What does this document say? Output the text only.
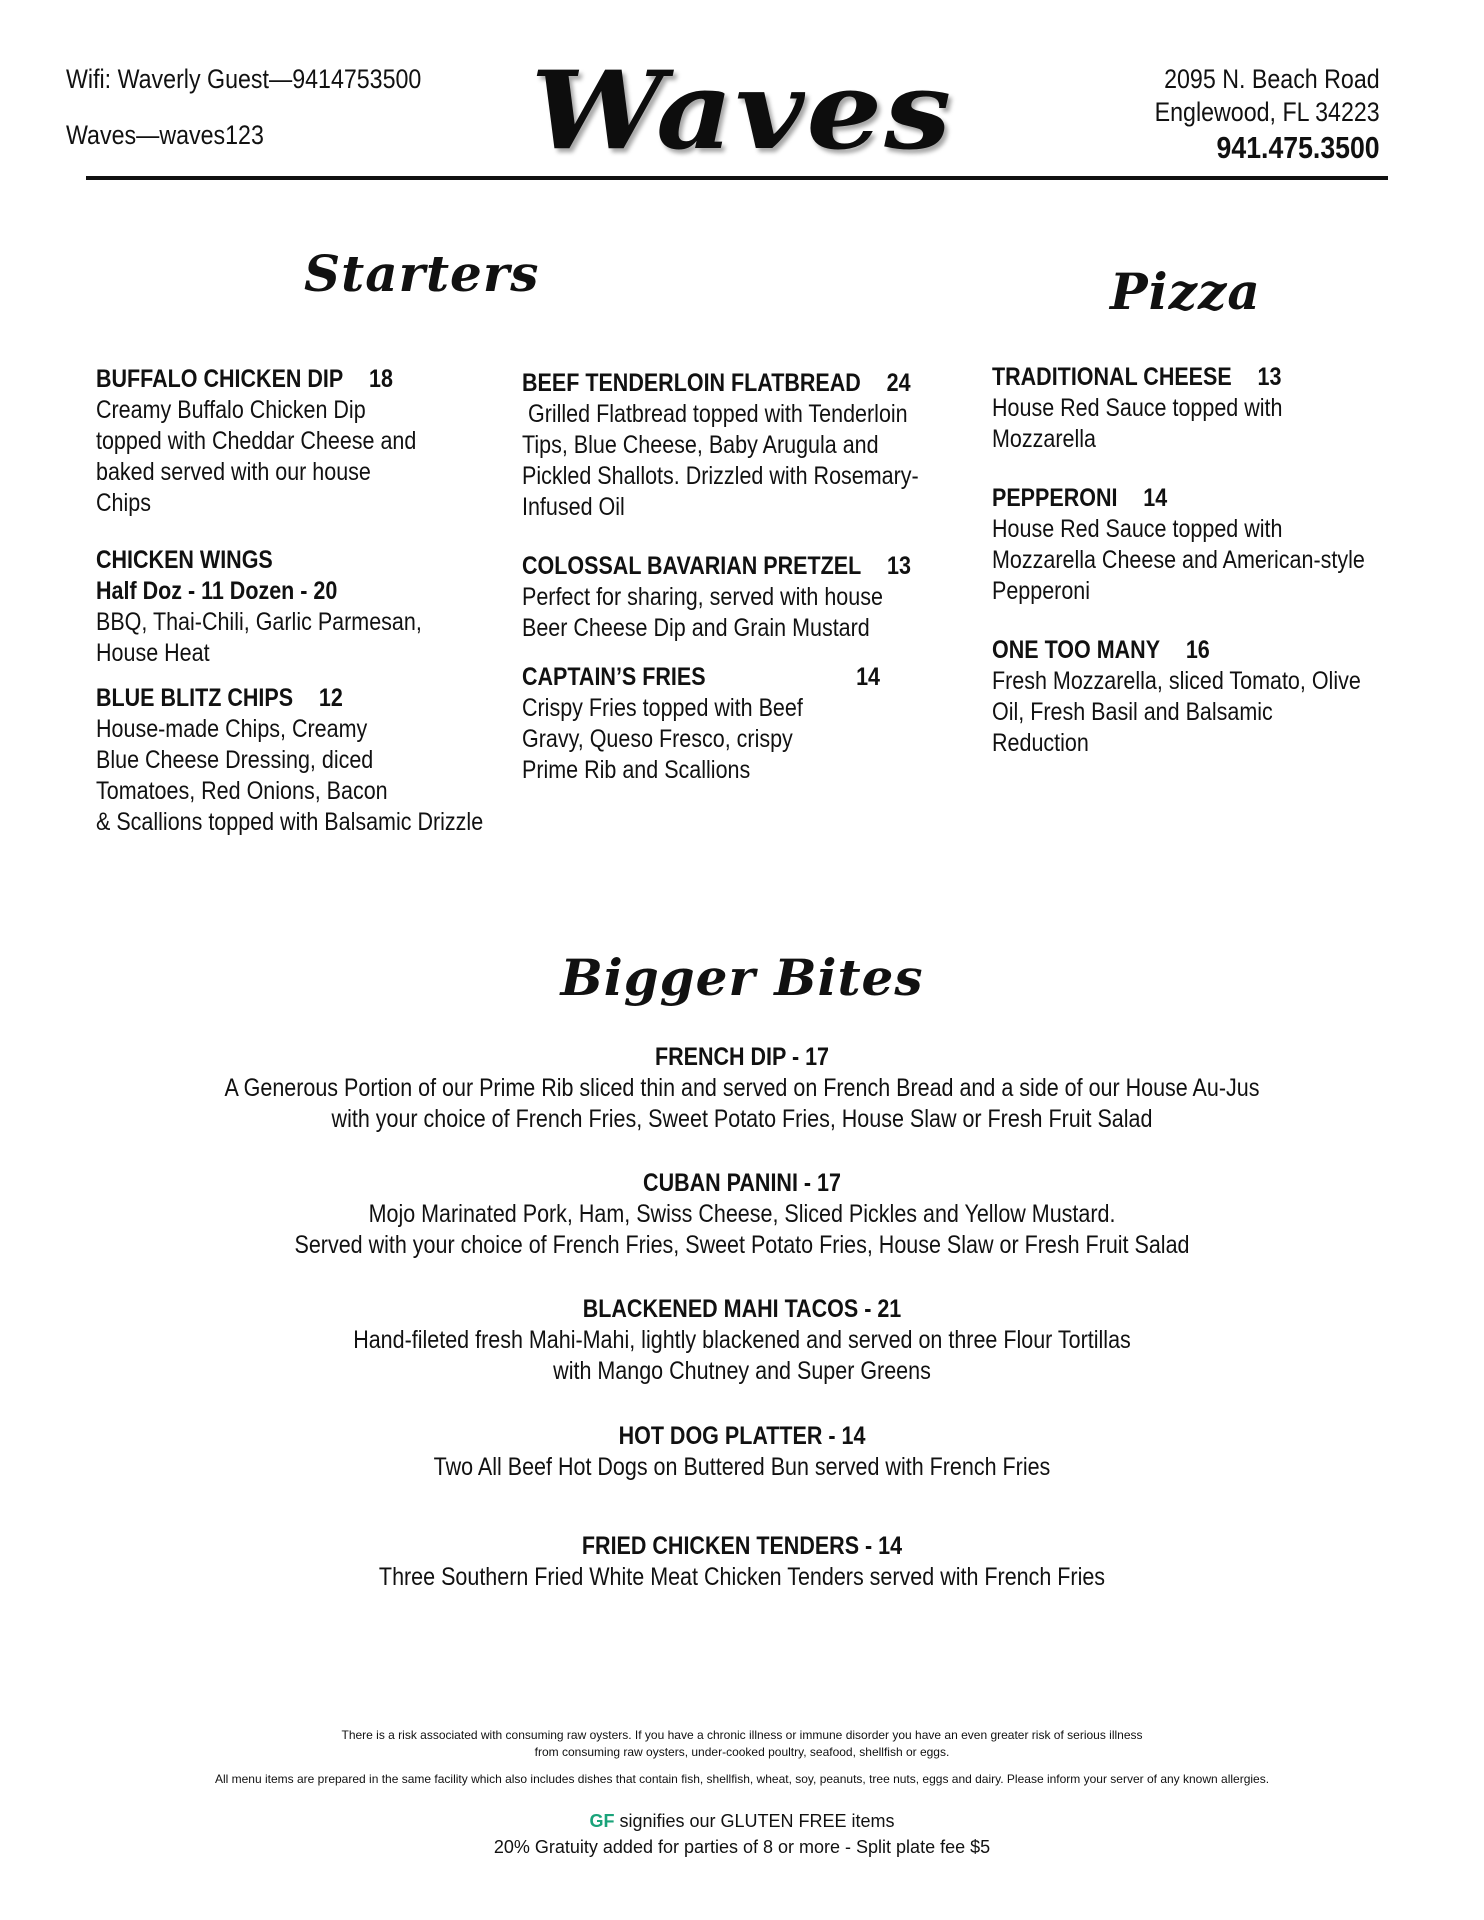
Wifi: Waverly Guest—9414753500
Waves—waves123	Waves	2095 N. Beach Road
Englewood, FL 34223
941.475.3500
Starters	Pizza
BUFFALO CHICKEN DIP 18
Creamy Buffalo Chicken Dip
topped with Cheddar Cheese and
baked served with our house
Chips
CHICKEN WINGS
Half Doz - 11 Dozen - 20
BBQ, Thai-Chili, Garlic Parmesan,
House Heat
BLUE BLITZ CHIPS 12
House-made Chips, Creamy
Blue Cheese Dressing, diced
Tomatoes, Red Onions, Bacon
& Scallions topped with Balsamic Drizzle
BEEF TENDERLOIN FLATBREAD 24
Grilled Flatbread topped with Tenderloin
Tips, Blue Cheese, Baby Arugula and
Pickled Shallots. Drizzled with Rosemary-
Infused Oil
COLOSSAL BAVARIAN PRETZEL 13
Perfect for sharing, served with house
Beer Cheese Dip and Grain Mustard
CAPTAIN’S FRIES	14
Crispy Fries topped with Beef
Gravy, Queso Fresco, crispy
Prime Rib and Scallions
TRADITIONAL CHEESE 13
House Red Sauce topped with
Mozzarella
PEPPERONI 14
House Red Sauce topped with
Mozzarella Cheese and American-style
Pepperoni
ONE TOO MANY 16
Fresh Mozzarella, sliced Tomato, Olive
Oil, Fresh Basil and Balsamic
Reduction
Bigger Bites
FRENCH DIP - 17
A Generous Portion of our Prime Rib sliced thin and served on French Bread and a side of our House Au-Jus
with your choice of French Fries, Sweet Potato Fries, House Slaw or Fresh Fruit Salad
CUBAN PANINI - 17
Mojo Marinated Pork, Ham, Swiss Cheese, Sliced Pickles and Yellow Mustard.
Served with your choice of French Fries, Sweet Potato Fries, House Slaw or Fresh Fruit Salad
BLACKENED MAHI TACOS - 21
Hand-fileted fresh Mahi-Mahi, lightly blackened and served on three Flour Tortillas
with Mango Chutney and Super Greens
HOT DOG PLATTER - 14
Two All Beef Hot Dogs on Buttered Bun served with French Fries
FRIED CHICKEN TENDERS - 14
Three Southern Fried White Meat Chicken Tenders served with French Fries
There is a risk associated with consuming raw oysters. If you have a chronic illness or immune disorder you have an even greater risk of serious illness
from consuming raw oysters, under-cooked poultry, seafood, shellfish or eggs.
All menu items are prepared in the same facility which also includes dishes that contain fish, shellfish, wheat, soy, peanuts, tree nuts, eggs and dairy. Please inform your server of any known allergies.
GF signifies our GLUTEN FREE items
20% Gratuity added for parties of 8 or more - Split plate fee $5
